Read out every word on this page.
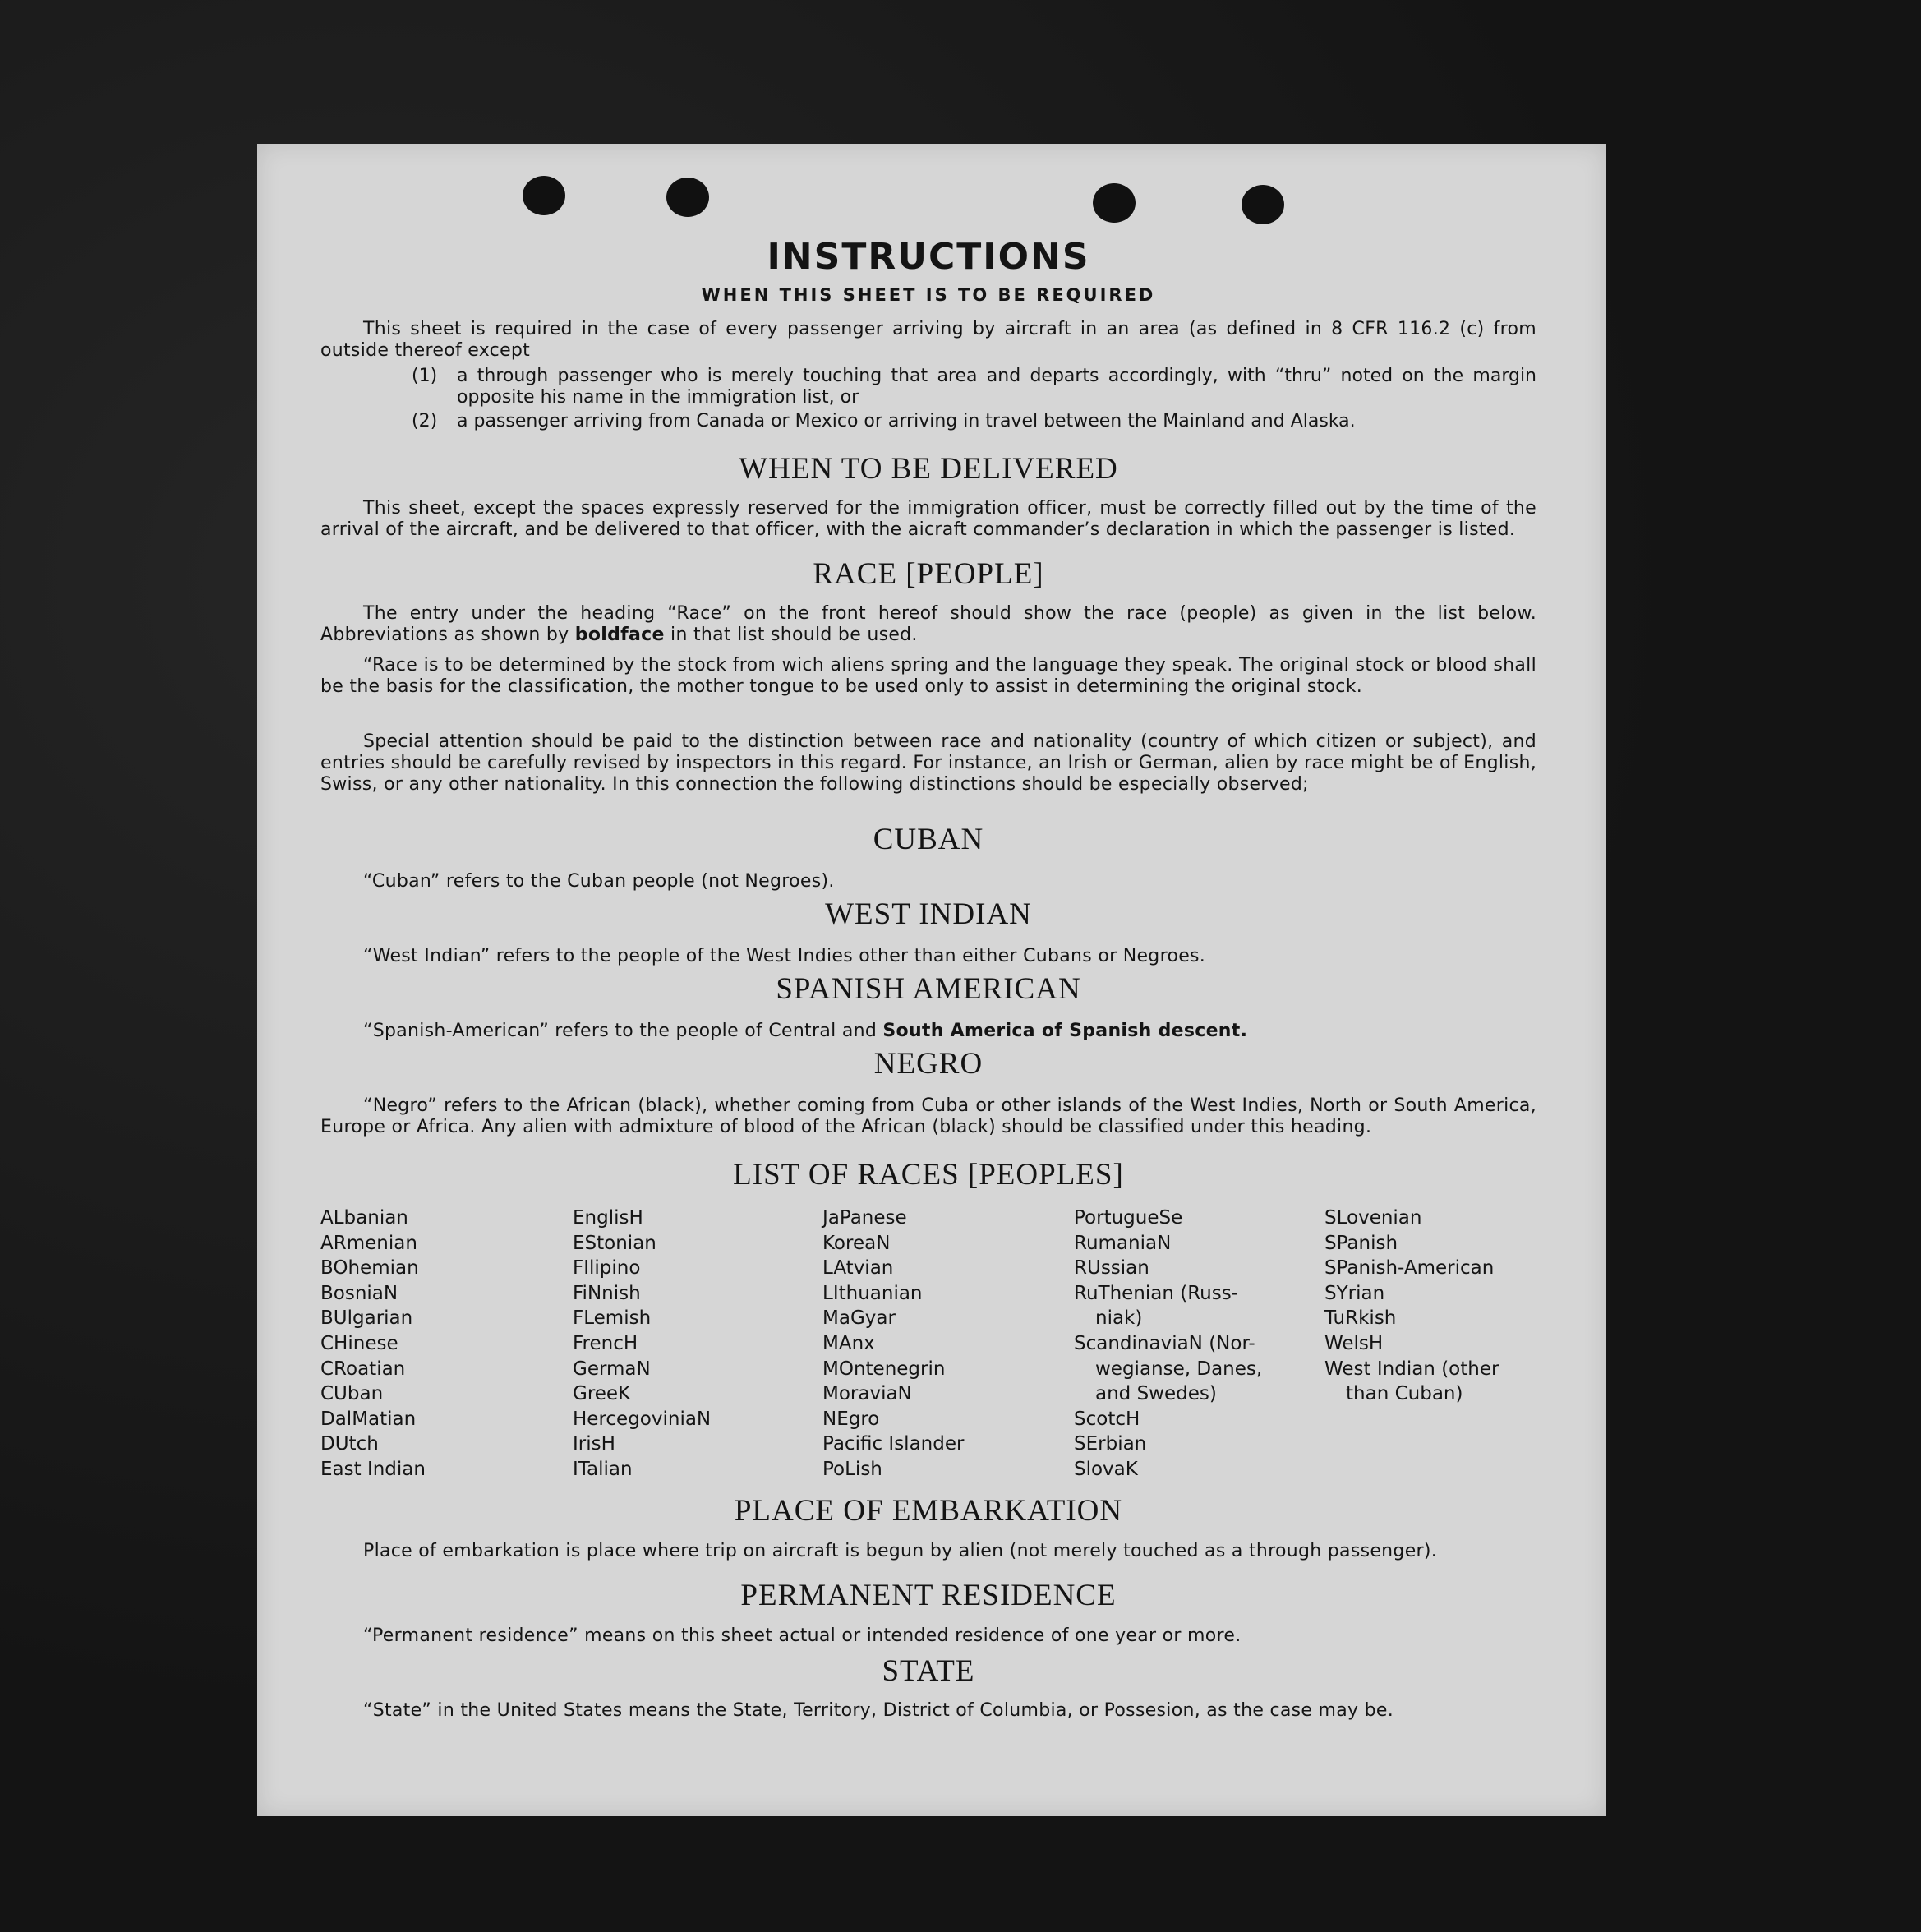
INSTRUCTIONS
WHEN THIS SHEET IS TO BE REQUIRED
This sheet is required in the case of every passenger arriving by aircraft in an area (as defined in 8 CFR 116.2 (c) from outside thereof except
(1) a through passenger who is merely touching that area and departs accordingly, with “thru” noted on the margin opposite his name in the immigration list, or
(2) a passenger arriving from Canada or Mexico or arriving in travel between the Mainland and Alaska.
WHEN TO BE DELIVERED
This sheet, except the spaces expressly reserved for the immigration officer, must be correctly filled out by the time of the arrival of the aircraft, and be delivered to that officer, with the aicraft commander’s declaration in which the passenger is listed.
RACE [PEOPLE]
The entry under the heading “Race” on the front hereof should show the race (people) as given in the list below. Abbreviations as shown by boldface in that list should be used.
“Race is to be determined by the stock from wich aliens spring and the language they speak. The original stock or blood shall be the basis for the classification, the mother tongue to be used only to assist in determining the original stock.
Special attention should be paid to the distinction between race and nationality (country of which citizen or subject), and entries should be carefully revised by inspectors in this regard. For instance, an Irish or German, alien by race might be of English, Swiss, or any other nationality. In this connection the following distinctions should be especially observed;
CUBAN
“Cuban” refers to the Cuban people (not Negroes).
WEST INDIAN
“West Indian” refers to the people of the West Indies other than either Cubans or Negroes.
SPANISH AMERICAN
“Spanish-American” refers to the people of Central and South America of Spanish descent.
NEGRO
“Negro” refers to the African (black), whether coming from Cuba or other islands of the West Indies, North or South America, Europe or Africa. Any alien with admixture of blood of the African (black) should be classified under this heading.
LIST OF RACES [PEOPLES]
ALbanian
ARmenian
BOhemian
BosniaN
BUlgarian
CHinese
CRoatian
CUban
DalMatian
DUtch
East Indian
EnglisH
EStonian
FIlipino
FiNnish
FLemish
FrencH
GermaN
GreeK
HercegoviniaN
IrisH
ITalian
JaPanese
KoreaN
LAtvian
LIthuanian
MaGyar
MAnx
MOntenegrin
MoraviaN
NEgro
Pacific Islander
PoLish
PortugueSe
RumaniaN
RUssian
RuThenian (Russ-
niak)
ScandinaviaN (Nor-
wegianse, Danes,
and Swedes)
ScotcH
SErbian
SlovaK
SLovenian
SPanish
SPanish-American
SYrian
TuRkish
WelsH
West Indian (other
than Cuban)
PLACE OF EMBARKATION
Place of embarkation is place where trip on aircraft is begun by alien (not merely touched as a through passenger).
PERMANENT RESIDENCE
“Permanent residence” means on this sheet actual or intended residence of one year or more.
STATE
“State” in the United States means the State, Territory, District of Columbia, or Possesion, as the case may be.
